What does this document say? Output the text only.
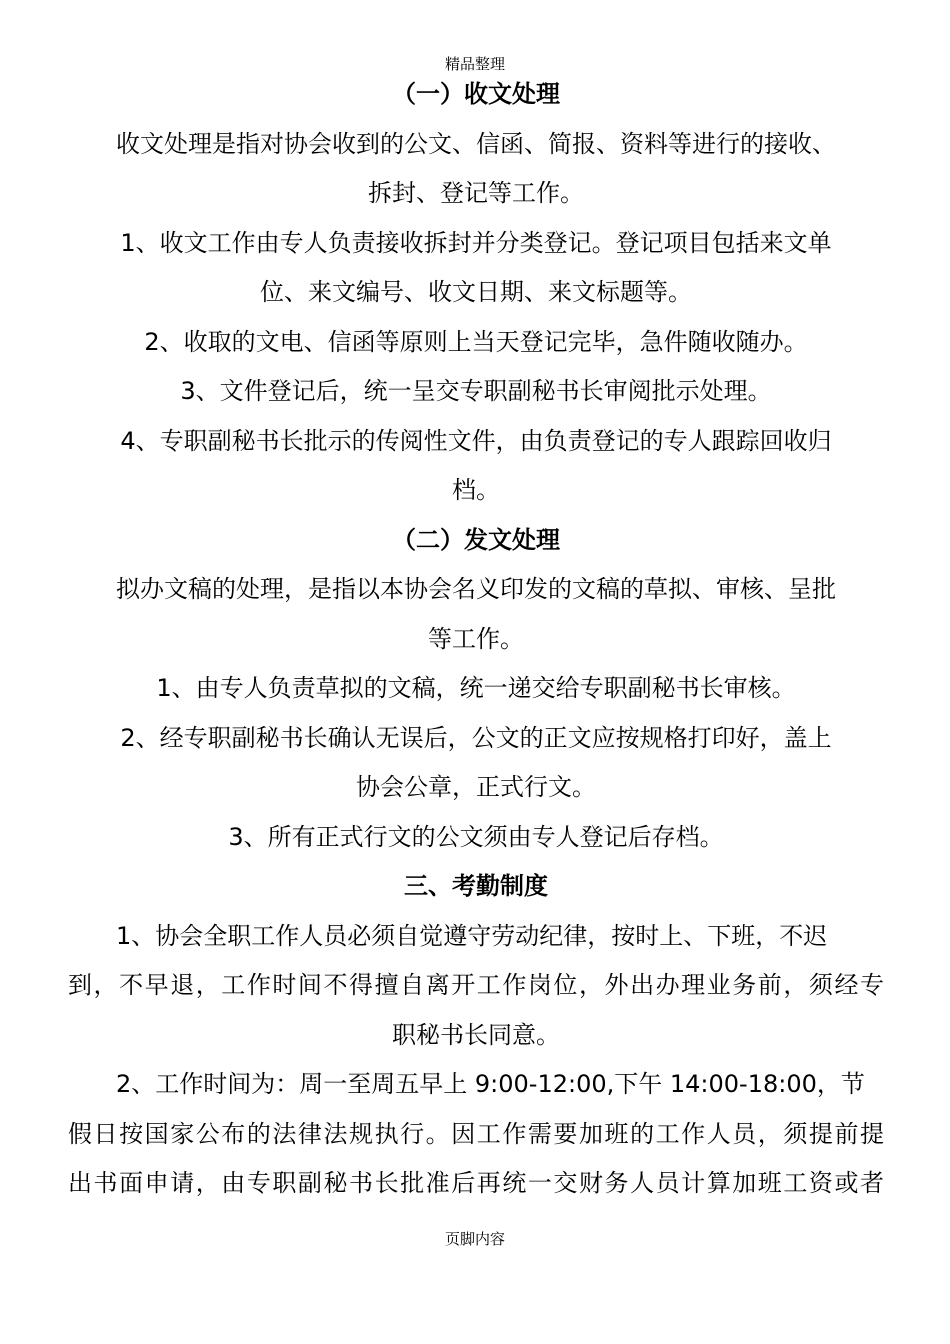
精品整理
（一）收文处理
收文处理是指对协会收到的公文、信函、简报、资料等进行的接收、
拆封、登记等工作。
1、收文工作由专人负责接收拆封并分类登记。登记项目包括来文单
位、来文编号、收文日期、来文标题等。
2、收取的文电、信函等原则上当天登记完毕，急件随收随办。
3、文件登记后，统一呈交专职副秘书长审阅批示处理。
4、专职副秘书长批示的传阅性文件，由负责登记的专人跟踪回收归
档。
（二）发文处理
拟办文稿的处理，是指以本协会名义印发的文稿的草拟、审核、呈批
等工作。
1、由专人负责草拟的文稿，统一递交给专职副秘书长审核。
2、经专职副秘书长确认无误后，公文的正文应按规格打印好，盖上
协会公章，正式行文。
3、所有正式行文的公文须由专人登记后存档。
三、考勤制度
1、协会全职工作人员必须自觉遵守劳动纪律，按时上、下班，不迟
到，不早退，工作时间不得擅自离开工作岗位，外出办理业务前，须经专
职秘书长同意。
2、工作时间为：周一至周五早上 9:00-12:00,下午 14:00-18:00，节
假日按国家公布的法律法规执行。因工作需要加班的工作人员，须提前提
出书面申请，由专职副秘书长批准后再统一交财务人员计算加班工资或者
页脚内容
